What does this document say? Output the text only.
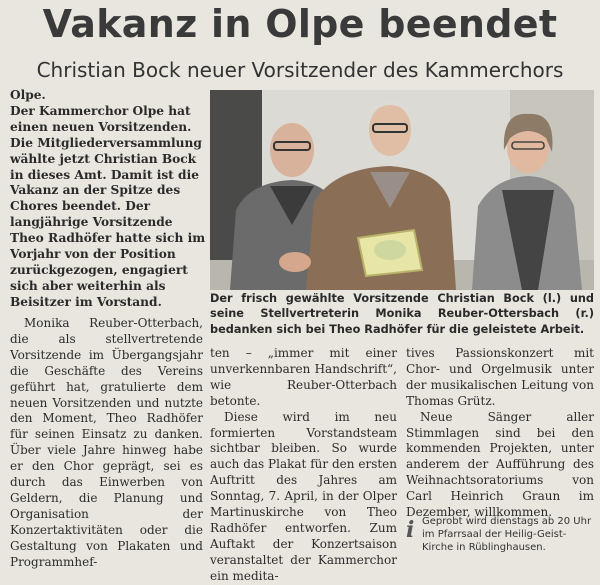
Vakanz in Olpe beendet
Christian Bock neuer Vorsitzender des Kammerchors

Olpe.

Der Kammerchor Olpe hat einen neuen Vorsitzenden. Die Mitgliederversammlung wählte jetzt Christian Bock in dieses Amt. Damit ist die Vakanz an der Spitze des Chores beendet. Der langjährige Vorsitzende Theo Radhöfer hatte sich im Vorjahr von der Position zurückgezogen, engagiert sich aber weiterhin als Beisitzer im Vorstand.	Der frisch gewählte Vorsitzende Christian Bock (l.) und seine Stellvertreterin Monika Reuber-Ottersbach (r.) bedanken sich bei Theo Radhöfer für die geleistete Arbeit.

Monika Reuber-Otterbach, die als stellvertretende Vorsitzende im Übergangsjahr die Geschäfte des Vereins geführt hat, gratulierte dem neuen Vorsitzenden und nutzte den Moment, Theo Radhöfer für seinen Einsatz zu danken. Über viele Jahre hinweg habe er den Chor geprägt, sei es durch das Einwerben von Geldern, die Planung und Organisation der Konzertaktivitäten oder die Gestaltung von Plakaten und Programmhef-

ten – „immer mit einer unverkennbaren Handschrift“, wie Reuber-Otterbach betonte.

Diese wird im neu formierten Vorstandsteam sichtbar bleiben. So wurde auch das Plakat für den ersten Auftritt des Jahres am Sonntag, 7. April, in der Olper Martinuskirche von Theo Radhöfer entworfen. Zum Auftakt der Konzertsaison veranstaltet der Kammerchor ein medita-

tives Passionskonzert mit Chor- und Orgelmusik unter der musikalischen Leitung von Thomas Grütz.

Neue Sänger aller Stimmlagen sind bei den kommenden Projekten, unter anderem der Aufführung des Weihnachtsoratoriums von Carl Heinrich Graun im Dezember, willkommen.

i Geprobt wird dienstags ab 20 Uhr im Pfarrsaal der Heilig-Geist-Kirche in Rüblinghausen.
